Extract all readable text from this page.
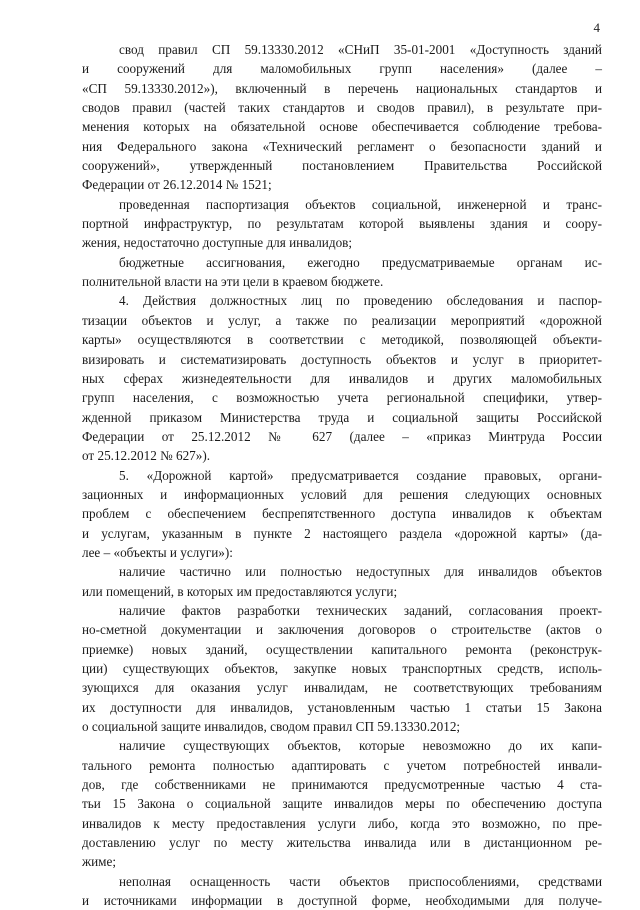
4
свод правил СП 59.13330.2012 «СНиП 35-01-2001 «Доступность зданий
и сооружений для маломобильных групп населения» (далее –
«СП 59.13330.2012»), включенный в перечень национальных стандартов и
сводов правил (частей таких стандартов и сводов правил), в результате при-
менения которых на обязательной основе обеспечивается соблюдение требова-
ния Федерального закона «Технический регламент о безопасности зданий и
сооружений», утвержденный постановлением Правительства Российской
Федерации от 26.12.2014 № 1521;
проведенная паспортизация объектов социальной, инженерной и транс-
портной инфраструктур, по результатам которой выявлены здания и соору-
жения, недостаточно доступные для инвалидов;
бюджетные ассигнования, ежегодно предусматриваемые органам ис-
полнительной власти на эти цели в краевом бюджете.
4. Действия должностных лиц по проведению обследования и паспор-
тизации объектов и услуг, а также по реализации мероприятий «дорожной
карты» осуществляются в соответствии с методикой, позволяющей объекти-
визировать и систематизировать доступность объектов и услуг в приоритет-
ных сферах жизнедеятельности для инвалидов и других маломобильных
групп населения, с возможностью учета региональной специфики, утвер-
жденной приказом Министерства труда и социальной защиты Российской
Федерации от 25.12.2012 № 627 (далее – «приказ Минтруда России
от 25.12.2012 № 627»).
5. «Дорожной картой» предусматривается создание правовых, органи-
зационных и информационных условий для решения следующих основных
проблем с обеспечением беспрепятственного доступа инвалидов к объектам
и услугам, указанным в пункте 2 настоящего раздела «дорожной карты» (да-
лее – «объекты и услуги»):
наличие частично или полностью недоступных для инвалидов объектов
или помещений, в которых им предоставляются услуги;
наличие фактов разработки технических заданий, согласования проект-
но-сметной документации и заключения договоров о строительстве (актов о
приемке) новых зданий, осуществлении капитального ремонта (реконструк-
ции) существующих объектов, закупке новых транспортных средств, исполь-
зующихся для оказания услуг инвалидам, не соответствующих требованиям
их доступности для инвалидов, установленным частью 1 статьи 15 Закона
о социальной защите инвалидов, сводом правил СП 59.13330.2012;
наличие существующих объектов, которые невозможно до их капи-
тального ремонта полностью адаптировать с учетом потребностей инвали-
дов, где собственниками не принимаются предусмотренные частью 4 ста-
тьи 15 Закона о социальной защите инвалидов меры по обеспечению доступа
инвалидов к месту предоставления услуги либо, когда это возможно, по пре-
доставлению услуг по месту жительства инвалида или в дистанционном ре-
жиме;
неполная оснащенность части объектов приспособлениями, средствами
и источниками информации в доступной форме, необходимыми для получе-
